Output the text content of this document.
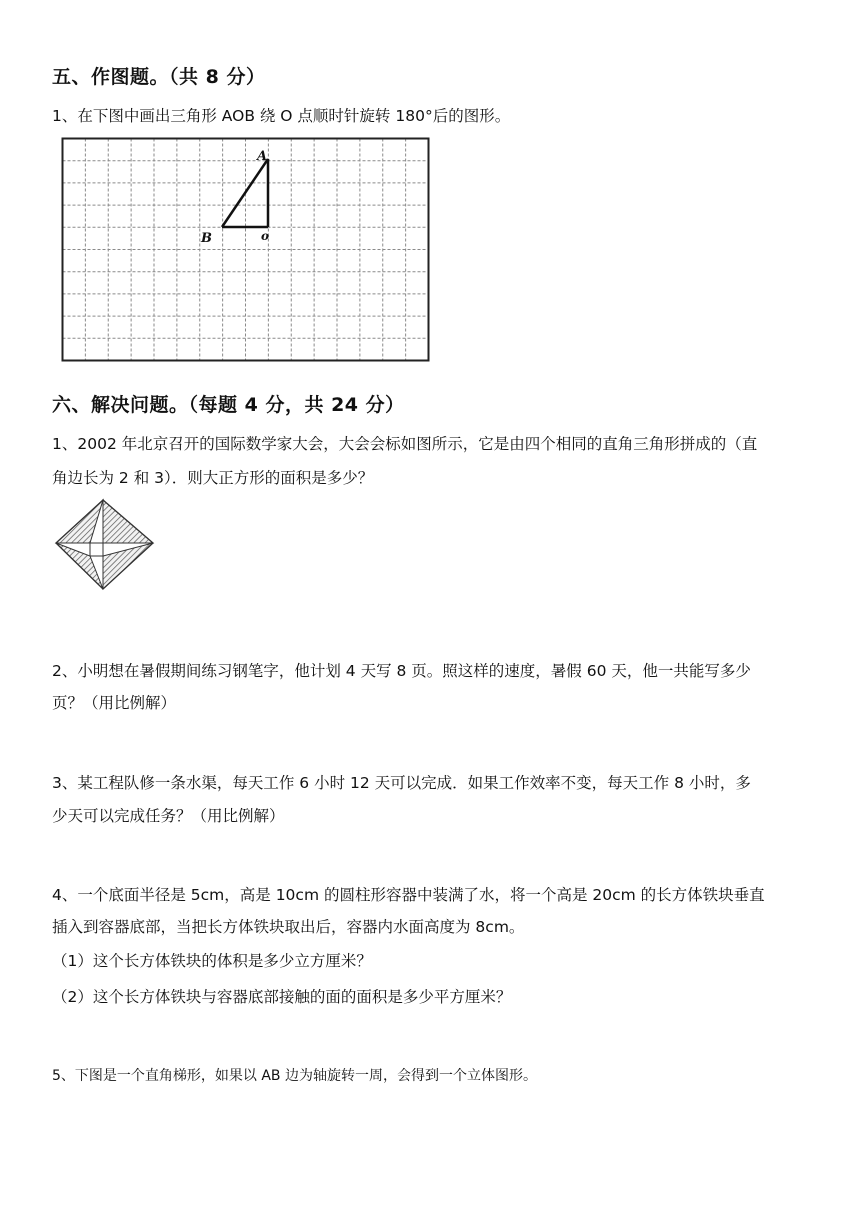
五、作图题。（共 8 分）
1、在下图中画出三角形 AOB 绕 O 点顺时针旋转 180°后的图形。
A
B	o
六、解决问题。（每题 4 分，共 24 分）
1、2002 年北京召开的国际数学家大会，大会会标如图所示，它是由四个相同的直角三角形拼成的（直
角边长为 2 和 3）．则大正方形的面积是多少？
2、小明想在暑假期间练习钢笔字，他计划 4 天写 8 页。照这样的速度，暑假 60 天，他一共能写多少
页？（用比例解）
3、某工程队修一条水渠，每天工作 6 小时 12 天可以完成．如果工作效率不变，每天工作 8 小时，多
少天可以完成任务？（用比例解）
4、一个底面半径是 5cm，高是 10cm 的圆柱形容器中装满了水，将一个高是 20cm 的长方体铁块垂直
插入到容器底部，当把长方体铁块取出后，容器内水面高度为 8cm。
（1）这个长方体铁块的体积是多少立方厘米？
（2）这个长方体铁块与容器底部接触的面的面积是多少平方厘米？
5、下图是一个直角梯形，如果以 AB 边为轴旋转一周，会得到一个立体图形。
